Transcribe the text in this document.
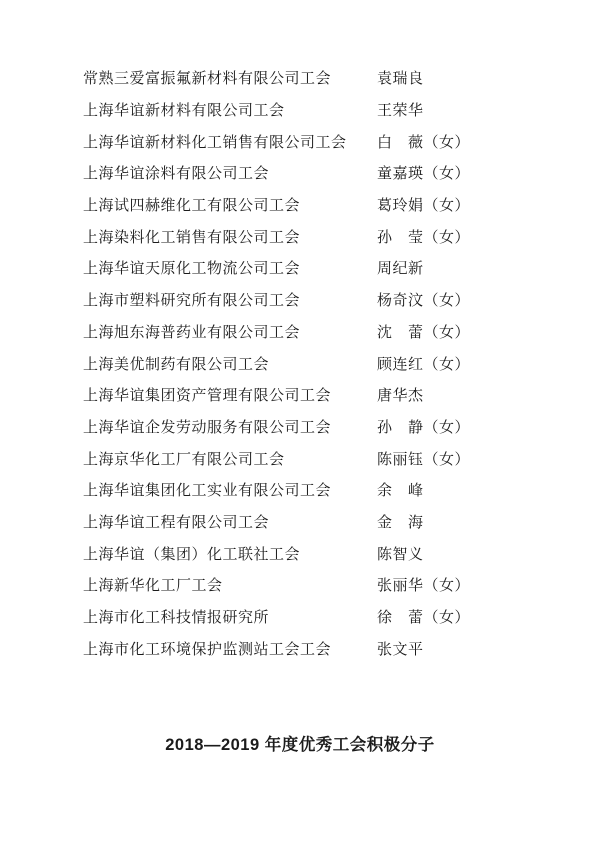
常熟三爱富振氟新材料有限公司工会	袁瑞良
上海华谊新材料有限公司工会	王荣华
上海华谊新材料化工销售有限公司工会	白　薇（女）
上海华谊涂料有限公司工会	童嘉瑛（女）
上海试四赫维化工有限公司工会	葛玲娟（女）
上海染料化工销售有限公司工会	孙　莹（女）
上海华谊天原化工物流公司工会	周纪新
上海市塑料研究所有限公司工会	杨奇汶（女）
上海旭东海普药业有限公司工会	沈　蕾（女）
上海美优制药有限公司工会	顾连红（女）
上海华谊集团资产管理有限公司工会	唐华杰
上海华谊企发劳动服务有限公司工会	孙　静（女）
上海京华化工厂有限公司工会	陈丽钰（女）
上海华谊集团化工实业有限公司工会	余　峰
上海华谊工程有限公司工会	金　海
上海华谊（集团）化工联社工会	陈智义
上海新华化工厂工会	张丽华（女）
上海市化工科技情报研究所	徐　蕾（女）
上海市化工环境保护监测站工会工会	张文平
2018—2019 年度优秀工会积极分子
